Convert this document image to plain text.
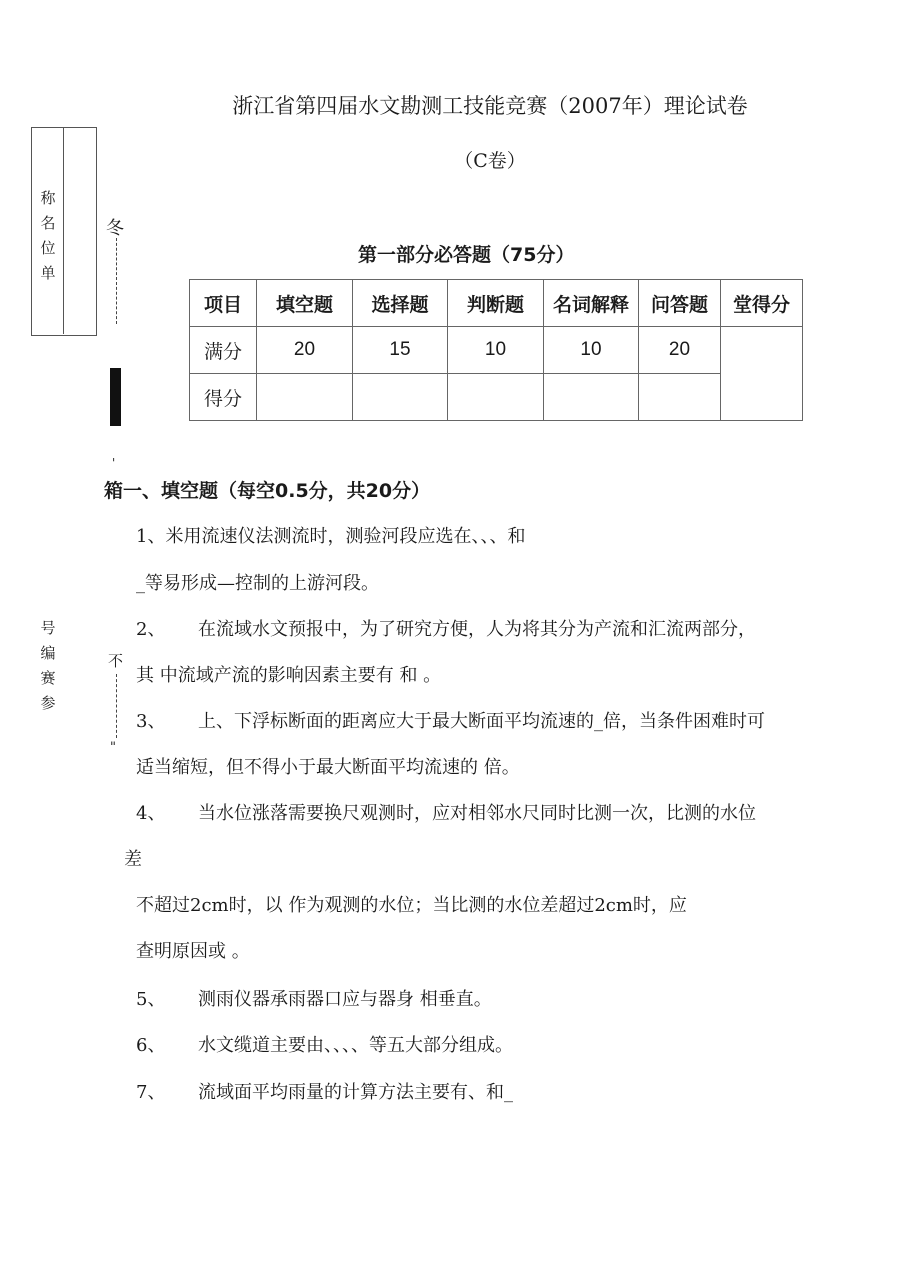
称
名
位
单
冬
'
号
编
赛
参
不
"
浙江省第四届水文勘测工技能竞赛（2007年）理论试卷
（C卷）
第一部分必答题（75分）
项目	填空题	选择题	判断题	名词解释	问答题	堂得分
满分	20	15	10	10	20	
得分						
箱一、填空题（每空0.5分，共20分）
1、米用流速仪法测流时，测验河段应选在、、、和
_等易形成—控制的上游河段。
2、 在流域水文预报中，为了研究方便，人为将其分为产流和汇流两部分，
其 中流域产流的影响因素主要有 和 。
3、 上、下浮标断面的距离应大于最大断面平均流速的_倍，当条件困难时可
适当缩短，但不得小于最大断面平均流速的 倍。
4、 当水位涨落需要换尺观测时，应对相邻水尺同时比测一次，比测的水位
差
不超过2cm时，以 作为观测的水位；当比测的水位差超过2cm时，应
查明原因或 。
5、 测雨仪器承雨器口应与器身 相垂直。
6、 水文缆道主要由、、、、等五大部分组成。
7、 流域面平均雨量的计算方法主要有、和_
